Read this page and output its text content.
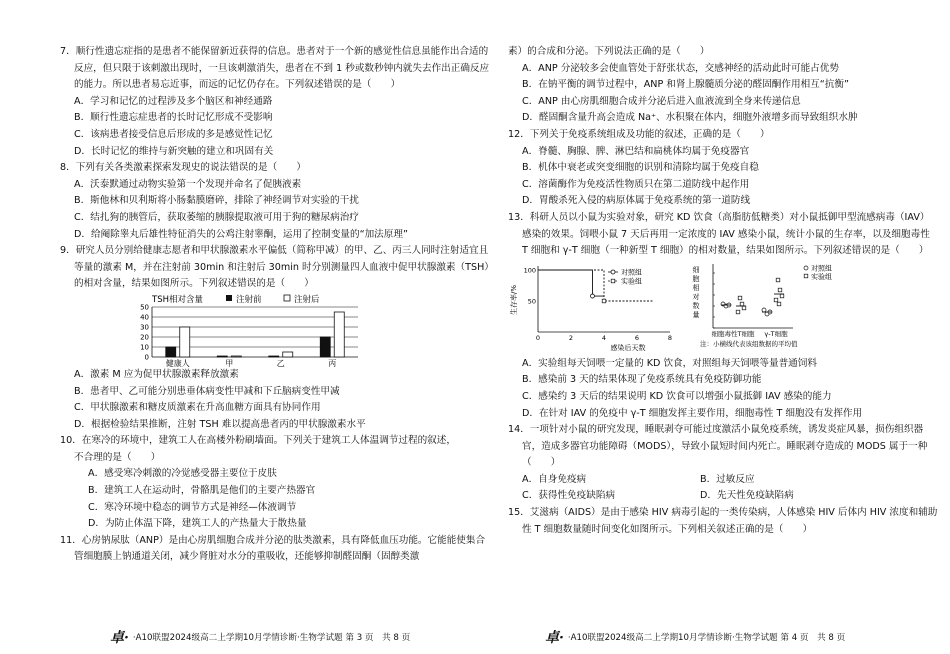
7．顺行性遗忘症指的是患者不能保留新近获得的信息。患者对于一个新的感觉性信息虽能作出合适的反应，但只限于该刺激出现时，一旦该刺激消失，患者在不到 1 秒或数秒钟内就失去作出正确反应的能力。所以患者易忘近事，而远的记忆仍存在。下列叙述错误的是（　　）

A．学习和记忆的过程涉及多个脑区和神经通路

B．顺行性遗忘症患者的长时记忆形成不受影响

C．该病患者接受信息后形成的多是感觉性记忆

D．长时记忆的维持与新突触的建立和巩固有关

8．下列有关各类激素探索发现史的说法错误的是（　　）

A．沃泰默通过动物实验第一个发现并命名了促胰液素

B．斯他林和贝利斯将小肠黏膜磨碎，排除了神经调节对实验的干扰

C．结扎狗的胰管后，获取萎缩的胰腺提取液可用于狗的糖尿病治疗

D．给阉除睾丸后雄性特征消失的公鸡注射睾酮，运用了控制变量的“加法原理”

9．研究人员分别给健康志愿者和甲状腺激素水平偏低（简称甲减）的甲、乙、丙三人同时注射适宜且等量的激素 M，并在注射前 30min 和注射后 30min 时分别测量四人血液中促甲状腺激素（TSH）的相对含量，结果如图所示。下列叙述错误的是（　　）

TSH相对含量	注射前	注射后
0
10
20
30
40
50
健康人	甲	乙	丙

A．激素 M 应为促甲状腺激素释放激素

B．患者甲、乙可能分别患垂体病变性甲减和下丘脑病变性甲减

C．甲状腺激素和糖皮质激素在升高血糖方面具有协同作用

D．根据检验结果推断，注射 TSH 难以提高患者丙的甲状腺激素水平

10．在寒冷的环境中，建筑工人在高楼外粉刷墙面。下列关于建筑工人体温调节过程的叙述，

不合理的是（　　）

A．感受寒冷刺激的冷觉感受器主要位于皮肤

B．建筑工人在运动时，骨骼肌是他们的主要产热器官

C．寒冷环境中稳态的调节方式是神经—体液调节

D．为防止体温下降，建筑工人的产热量大于散热量

11．心房钠尿肽（ANP）是由心房肌细胞合成并分泌的肽类激素，具有降低血压功能。它能能使集合管细胞膜上钠通道关闭，减少肾脏对水分的重吸收，还能够抑制醛固酮（固醇类激

素）的合成和分泌。下列说法正确的是（　　）

A．ANP 分泌较多会使血管处于舒张状态，交感神经的活动此时可能占优势

B．在钠平衡的调节过程中，ANP 和肾上腺髓质分泌的醛固酮作用相互“抗衡”

C．ANP 由心房肌细胞合成并分泌后进入血液流到全身来传递信息

D．醛固酮含量升高会造成 Na⁺、水积聚在体内，细胞外液增多而导致组织水肿

12．下列关于免疫系统组成及功能的叙述，正确的是（　　）

A．脊髓、胸腺、脾、淋巴结和扁桃体均属于免疫器官

B．机体中衰老或突变细胞的识别和清除均属于免疫自稳

C．溶菌酶作为免疫活性物质只在第二道防线中起作用

D．胃酸杀死入侵的病原体属于免疫系统的第一道防线

13．科研人员以小鼠为实验对象，研究 KD 饮食（高脂肪低糖类）对小鼠抵御甲型流感病毒（IAV）感染的效果。饲喂小鼠 7 天后再用一定浓度的 IAV 感染小鼠，统计小鼠的生存率，以及细胞毒性 T 细胞和 γ-T 细胞（一种新型 T 细胞）的相对数量，结果如图所示。下列叙述错误的是（　　）

生存率/%
100
50
0	2	4	6	8
感染后天数
对照组
实验组
细
胞
相
对
数
量
细胞毒性T细胞 γ-T细胞
注：小横线代表该组数据的平均值
对照组
实验组

A．实验组每天饲喂一定量的 KD 饮食，对照组每天饲喂等量普通饲料

B．感染前 3 天的结果体现了免疫系统具有免疫防御功能

C．感染约 3 天后的结果说明 KD 饮食可以增强小鼠抵御 IAV 感染的能力

D．在针对 IAV 的免疫中 γ-T 细胞发挥主要作用，细胞毒性 T 细胞没有发挥作用

14．一项针对小鼠的研究发现，睡眠剥夺可能过度激活小鼠免疫系统，诱发炎症风暴，损伤组织器官，造成多器官功能障碍（MODS），导致小鼠短时间内死亡。睡眠剥夺造成的 MODS 属于一种（　　）

A．自身免疫病	B．过敏反应
C．获得性免疫缺陷病	D．先天性免疫缺陷病

15．艾滋病（AIDS）是由于感染 HIV 病毒引起的一类传染病，人体感染 HIV 后体内 HIV 浓度和辅助性 T 细胞数量随时间变化如图所示。下列相关叙述正确的是（　　）

卓· ·A10联盟2024级高二上学期10月学情诊断·生物学试题 第 3 页　共 8 页	卓· ·A10联盟2024级高二上学期10月学情诊断·生物学试题 第 4 页　共 8 页
